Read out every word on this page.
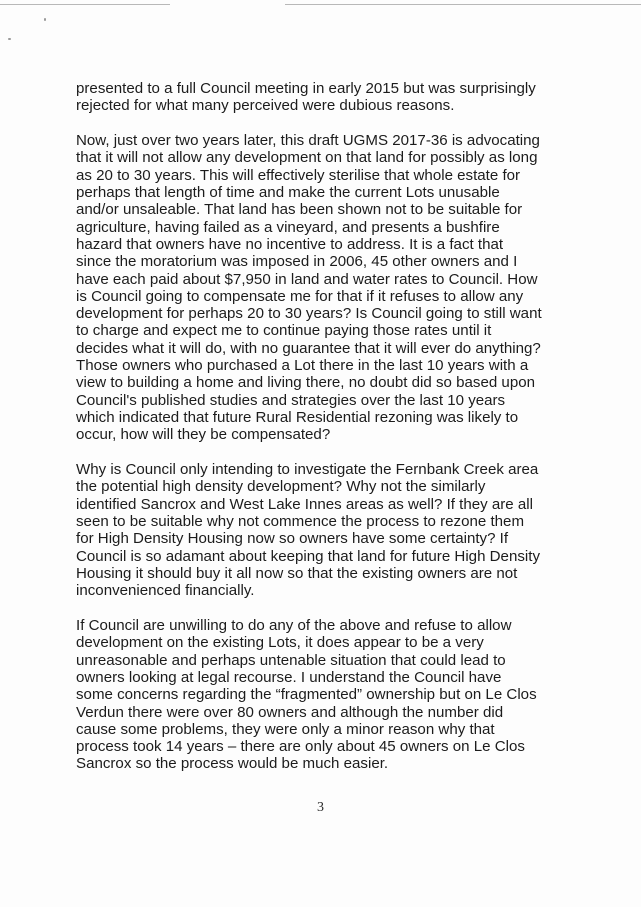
presented to a full Council meeting in early 2015 but was surprisingly
rejected for what many perceived were dubious reasons.

Now, just over two years later, this draft UGMS 2017-36 is advocating
that it will not allow any development on that land for possibly as long
as 20 to 30 years. This will effectively sterilise that whole estate for
perhaps that length of time and make the current Lots unusable
and/or unsaleable. That land has been shown not to be suitable for
agriculture, having failed as a vineyard, and presents a bushfire
hazard that owners have no incentive to address. It is a fact that
since the moratorium was imposed in 2006, 45 other owners and I
have each paid about $7,950 in land and water rates to Council. How
is Council going to compensate me for that if it refuses to allow any
development for perhaps 20 to 30 years? Is Council going to still want
to charge and expect me to continue paying those rates until it
decides what it will do, with no guarantee that it will ever do anything?
Those owners who purchased a Lot there in the last 10 years with a
view to building a home and living there, no doubt did so based upon
Council's published studies and strategies over the last 10 years
which indicated that future Rural Residential rezoning was likely to
occur, how will they be compensated?

Why is Council only intending to investigate the Fernbank Creek area
the potential high density development? Why not the similarly
identified Sancrox and West Lake Innes areas as well? If they are all
seen to be suitable why not commence the process to rezone them
for High Density Housing now so owners have some certainty? If
Council is so adamant about keeping that land for future High Density
Housing it should buy it all now so that the existing owners are not
inconvenienced financially.

If Council are unwilling to do any of the above and refuse to allow
development on the existing Lots, it does appear to be a very
unreasonable and perhaps untenable situation that could lead to
owners looking at legal recourse. I understand the Council have
some concerns regarding the “fragmented” ownership but on Le Clos
Verdun there were over 80 owners and although the number did
cause some problems, they were only a minor reason why that
process took 14 years – there are only about 45 owners on Le Clos
Sancrox so the process would be much easier.

3
